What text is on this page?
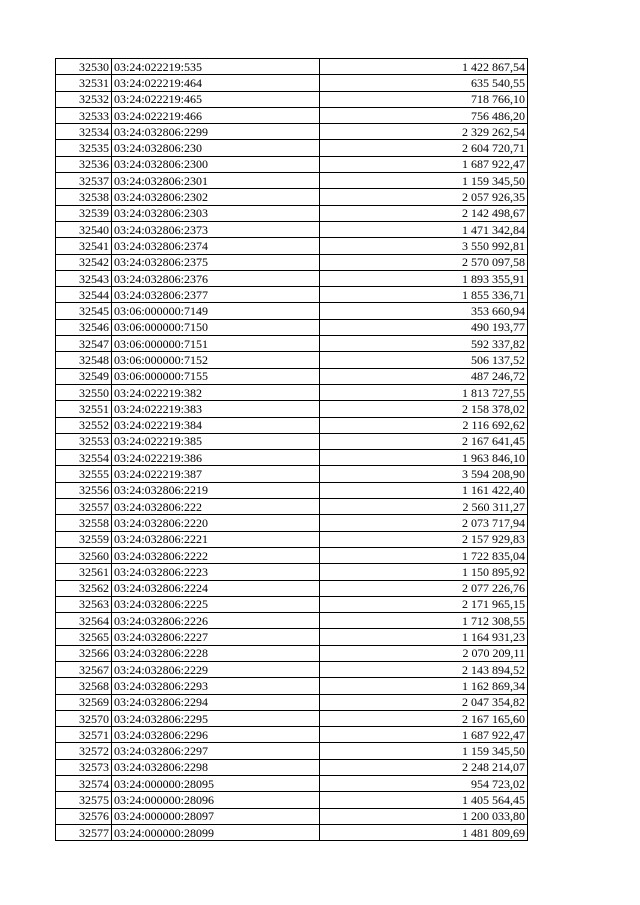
32530	03:24:022219:535	1 422 867,54
32531	03:24:022219:464	635 540,55
32532	03:24:022219:465	718 766,10
32533	03:24:022219:466	756 486,20
32534	03:24:032806:2299	2 329 262,54
32535	03:24:032806:230	2 604 720,71
32536	03:24:032806:2300	1 687 922,47
32537	03:24:032806:2301	1 159 345,50
32538	03:24:032806:2302	2 057 926,35
32539	03:24:032806:2303	2 142 498,67
32540	03:24:032806:2373	1 471 342,84
32541	03:24:032806:2374	3 550 992,81
32542	03:24:032806:2375	2 570 097,58
32543	03:24:032806:2376	1 893 355,91
32544	03:24:032806:2377	1 855 336,71
32545	03:06:000000:7149	353 660,94
32546	03:06:000000:7150	490 193,77
32547	03:06:000000:7151	592 337,82
32548	03:06:000000:7152	506 137,52
32549	03:06:000000:7155	487 246,72
32550	03:24:022219:382	1 813 727,55
32551	03:24:022219:383	2 158 378,02
32552	03:24:022219:384	2 116 692,62
32553	03:24:022219:385	2 167 641,45
32554	03:24:022219:386	1 963 846,10
32555	03:24:022219:387	3 594 208,90
32556	03:24:032806:2219	1 161 422,40
32557	03:24:032806:222	2 560 311,27
32558	03:24:032806:2220	2 073 717,94
32559	03:24:032806:2221	2 157 929,83
32560	03:24:032806:2222	1 722 835,04
32561	03:24:032806:2223	1 150 895,92
32562	03:24:032806:2224	2 077 226,76
32563	03:24:032806:2225	2 171 965,15
32564	03:24:032806:2226	1 712 308,55
32565	03:24:032806:2227	1 164 931,23
32566	03:24:032806:2228	2 070 209,11
32567	03:24:032806:2229	2 143 894,52
32568	03:24:032806:2293	1 162 869,34
32569	03:24:032806:2294	2 047 354,82
32570	03:24:032806:2295	2 167 165,60
32571	03:24:032806:2296	1 687 922,47
32572	03:24:032806:2297	1 159 345,50
32573	03:24:032806:2298	2 248 214,07
32574	03:24:000000:28095	954 723,02
32575	03:24:000000:28096	1 405 564,45
32576	03:24:000000:28097	1 200 033,80
32577	03:24:000000:28099	1 481 809,69
